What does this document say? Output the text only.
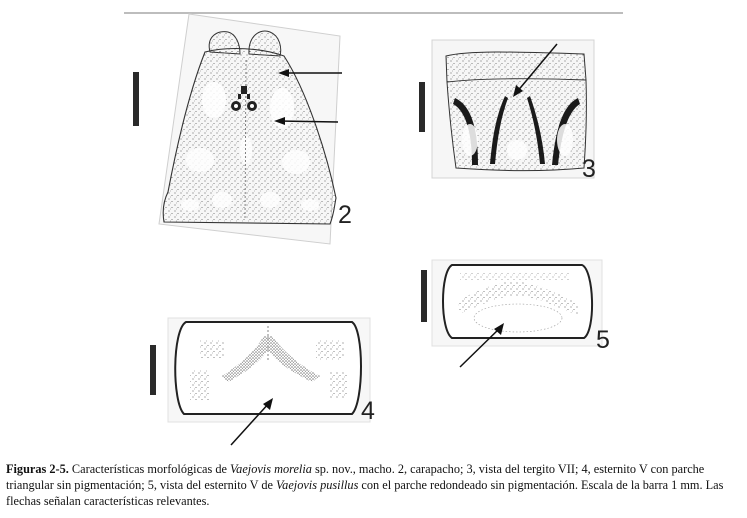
2
3
4
5
Figuras 2-5. Características morfológicas de Vaejovis morelia sp. nov., macho. 2, carapacho; 3, vista del tergito VII; 4, esternito V con parche triangular sin pigmentación; 5, vista del esternito V de Vaejovis pusillus con el parche redondeado sin pigmentación. Escala de la barra 1 mm. Las flechas señalan características relevantes.
